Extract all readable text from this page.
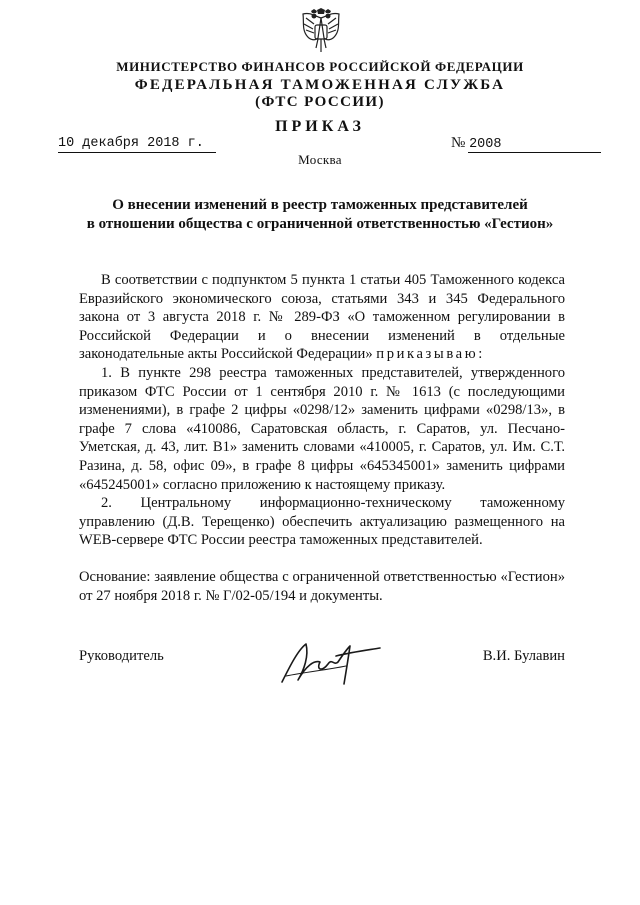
МИНИСТЕРСТВО ФИНАНСОВ РОССИЙСКОЙ ФЕДЕРАЦИИ
ФЕДЕРАЛЬНАЯ ТАМОЖЕННАЯ СЛУЖБА
(ФТС РОССИИ)
ПРИКАЗ
10 декабря 2018 г.	№ 2008
Москва
О внесении изменений в реестр таможенных представителей
в отношении общества с ограниченной ответственностью «Гестион»

В соответствии с подпунктом 5 пункта 1 статьи 405 Таможенного кодекса Евразийского экономического союза, статьями 343 и 345 Федерального закона от 3 августа 2018 г. № 289-ФЗ «О таможенном регулировании в Российской Федерации и о внесении изменений в отдельные законодательные акты Российской Федерации» приказываю:

1. В пункте 298 реестра таможенных представителей, утвержденного приказом ФТС России от 1 сентября 2010 г. № 1613 (с последующими изменениями), в графе 2 цифры «0298/12» заменить цифрами «0298/13», в графе 7 слова «410086, Саратовская область, г. Саратов, ул. Песчано-Уметская, д. 43, лит. В1» заменить словами «410005, г. Саратов, ул. Им. С.Т. Разина, д. 58, офис 09», в графе 8 цифры «645345001» заменить цифрами «645245001» согласно приложению к настоящему приказу.

2. Центральному информационно-техническому таможенному управлению (Д.В. Терещенко) обеспечить актуализацию размещенного на WEB-сервере ФТС России реестра таможенных представителей.

Основание: заявление общества с ограниченной ответственностью «Гестион» от 27 ноября 2018 г. № Г/02-05/194 и документы.

Руководитель	В.И. Булавин
